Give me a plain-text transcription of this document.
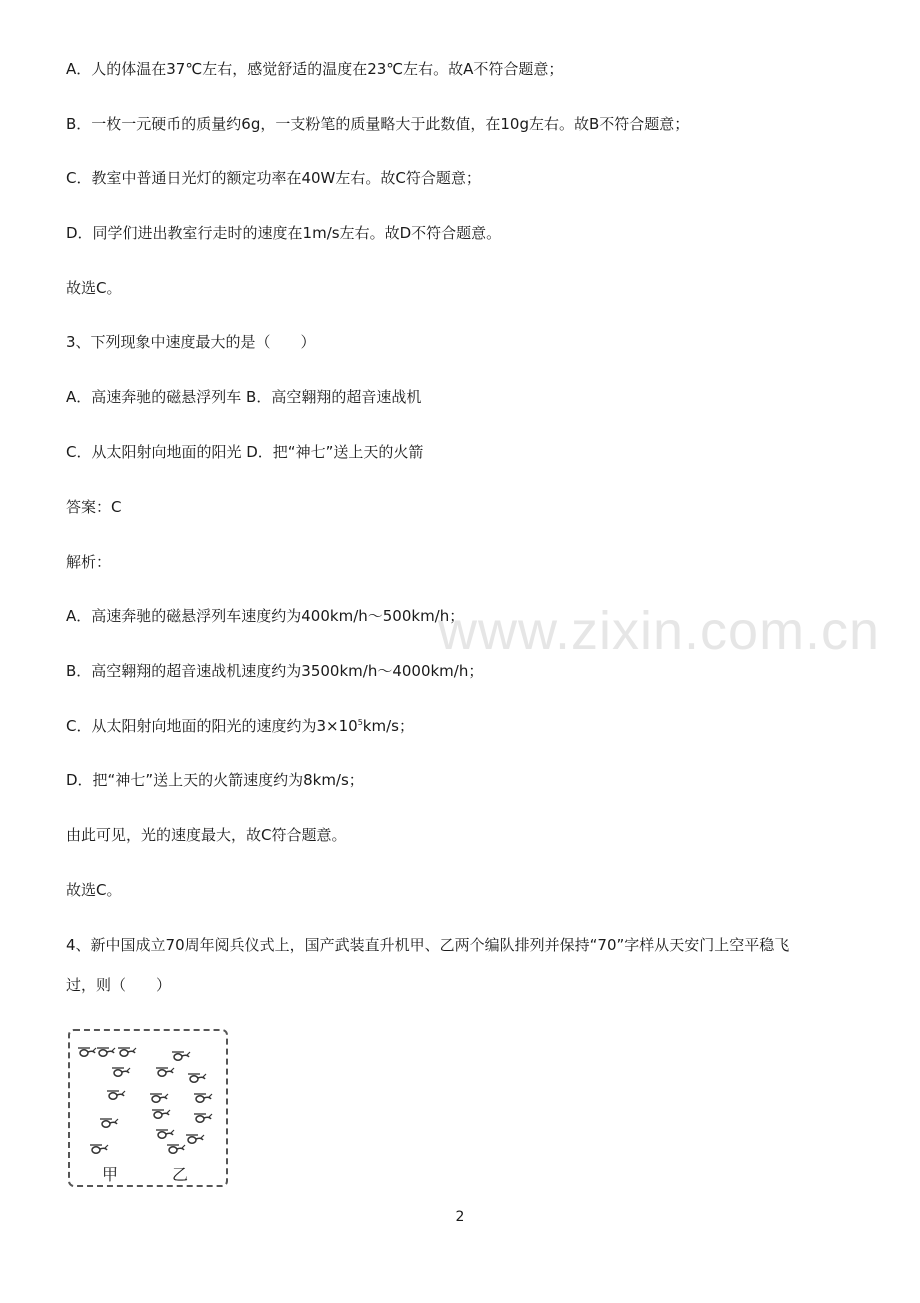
www.zixin.com.cn
A．人的体温在37℃左右，感觉舒适的温度在23℃左右。故A不符合题意；
B．一枚一元硬币的质量约6g，一支粉笔的质量略大于此数值，在10g左右。故B不符合题意；
C．教室中普通日光灯的额定功率在40W左右。故C符合题意；
D．同学们进出教室行走时的速度在1m/s左右。故D不符合题意。
故选C。
3、下列现象中速度最大的是（　　）
A．高速奔驰的磁悬浮列车 B．高空翱翔的超音速战机
C．从太阳射向地面的阳光 D．把“神七”送上天的火箭
答案：C
解析：
A．高速奔驰的磁悬浮列车速度约为400km/h～500km/h；
B．高空翱翔的超音速战机速度约为3500km/h～4000km/h；
C．从太阳射向地面的阳光的速度约为$3\times 10^5km/s$；
D．把“神七”送上天的火箭速度约为8km/s；
由此可见，光的速度最大，故C符合题意。
故选C。
4、新中国成立70周年阅兵仪式上，国产武装直升机甲、乙两个编队排列并保持“70”字样从天安门上空平稳飞
过，则（　　）
甲	乙
2
